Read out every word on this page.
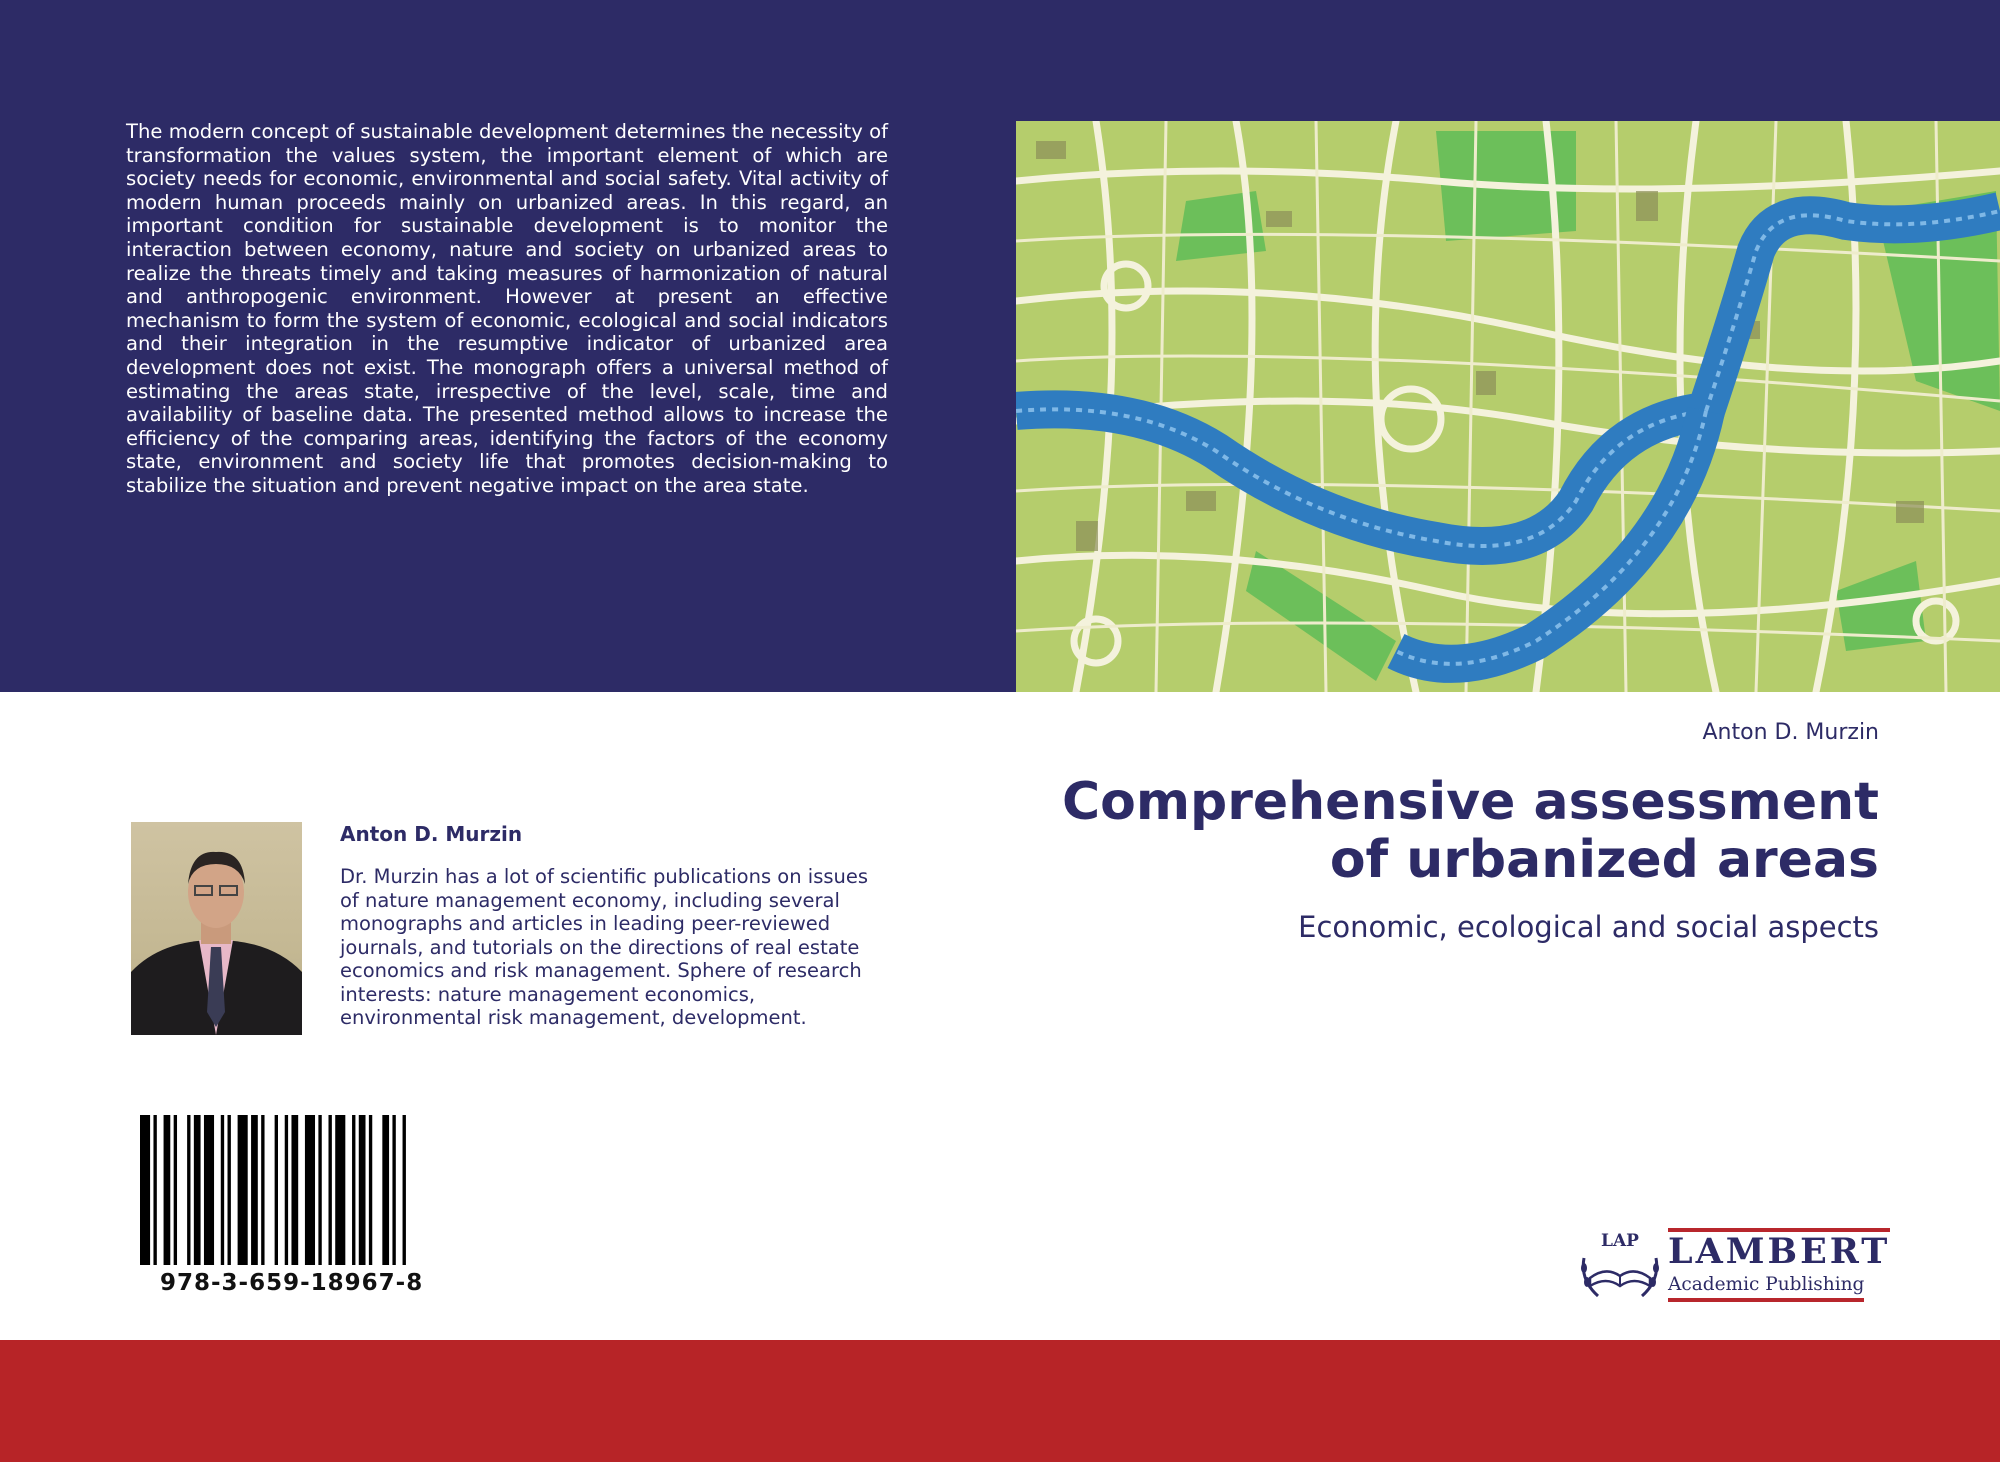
The modern concept of sustainable development determines the necessity of transformation the values system, the important element of which are society needs for economic, environmental and social safety. Vital activity of modern human proceeds mainly on urbanized areas. In this regard, an important condition for sustainable development is to monitor the interaction between economy, nature and society on urbanized areas to realize the threats timely and taking measures of harmonization of natural and anthropogenic environment. However at present an effective mechanism to form the system of economic, ecological and social indicators and their integration in the resumptive indicator of urbanized area development does not exist. The monograph offers a universal method of estimating the areas state, irrespective of the level, scale, time and availability of baseline data. The presented method allows to increase the efficiency of the comparing areas, identifying the factors of the economy state, environment and society life that promotes decision-making to stabilize the situation and prevent negative impact on the area state.

Anton D. Murzin
Comprehensive assessment
of urbanized areas
Economic, ecological and social aspects
Anton D. Murzin

Dr. Murzin has a lot of scientific publications on issues of nature management economy, including several monographs and articles in leading peer-reviewed journals, and tutorials on the directions of real estate economics and risk management. Sphere of research interests: nature management economics, environmental risk management, development.

978-3-659-18967-8
LAP LAMBERT
Academic Publishing
